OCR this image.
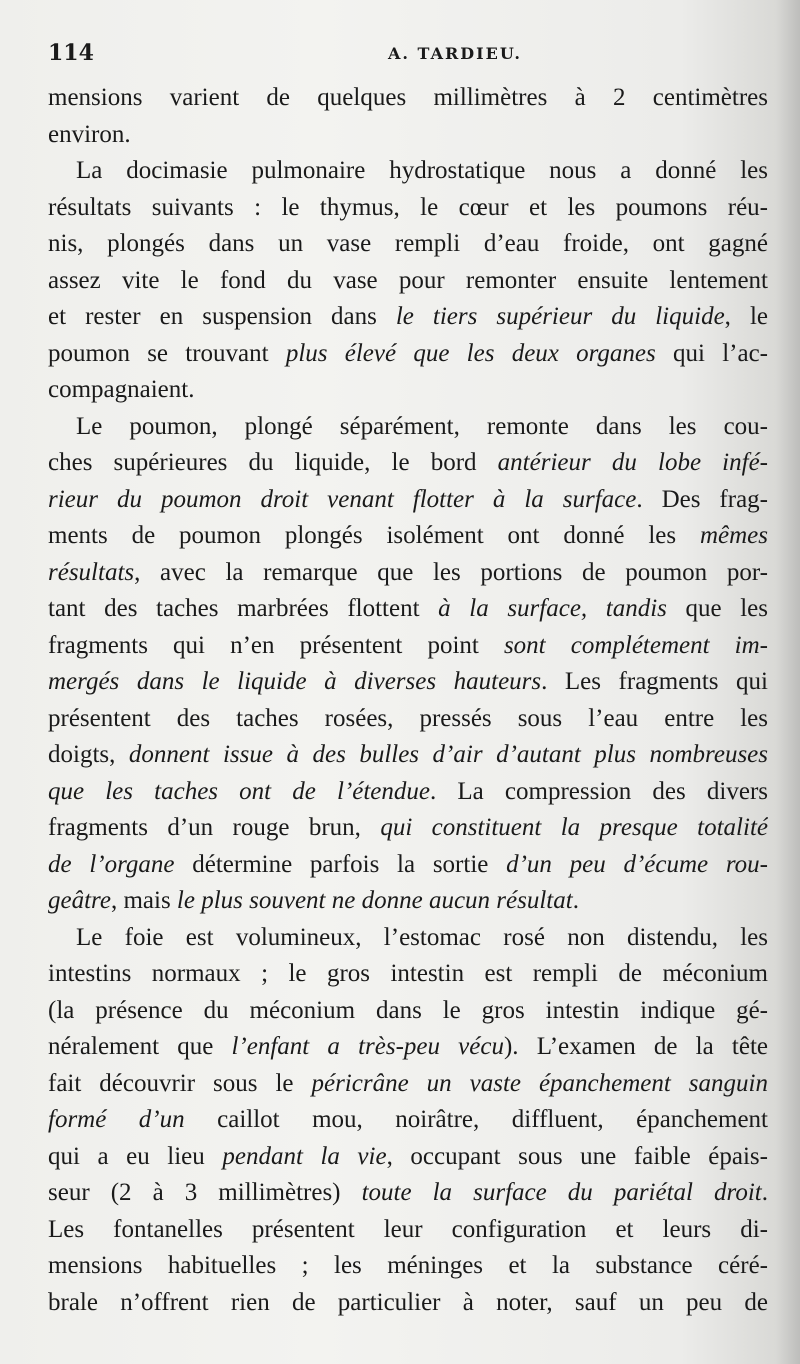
114	A. TARDIEU.
mensions varient de quelques millimètres à 2 centimètres
environ.
La docimasie pulmonaire hydrostatique nous a donné les
résultats suivants : le thymus, le cœur et les poumons réu-
nis, plongés dans un vase rempli d’eau froide, ont gagné
assez vite le fond du vase pour remonter ensuite lentement
et rester en suspension dans le tiers supérieur du liquide, le
poumon se trouvant plus élevé que les deux organes qui l’ac-
compagnaient.
Le poumon, plongé séparément, remonte dans les cou-
ches supérieures du liquide, le bord antérieur du lobe infé-
rieur du poumon droit venant flotter à la surface. Des frag-
ments de poumon plongés isolément ont donné les mêmes
résultats, avec la remarque que les portions de poumon por-
tant des taches marbrées flottent à la surface, tandis que les
fragments qui n’en présentent point sont complétement im-
mergés dans le liquide à diverses hauteurs. Les fragments qui
présentent des taches rosées, pressés sous l’eau entre les
doigts, donnent issue à des bulles d’air d’autant plus nombreuses
que les taches ont de l’étendue. La compression des divers
fragments d’un rouge brun, qui constituent la presque totalité
de l’organe détermine parfois la sortie d’un peu d’écume rou-
geâtre, mais le plus souvent ne donne aucun résultat.
Le foie est volumineux, l’estomac rosé non distendu, les
intestins normaux ; le gros intestin est rempli de méconium
(la présence du méconium dans le gros intestin indique gé-
néralement que l’enfant a très-peu vécu). L’examen de la tête
fait découvrir sous le péricrâne un vaste épanchement sanguin
formé d’un caillot mou, noirâtre, diffluent, épanchement
qui a eu lieu pendant la vie, occupant sous une faible épais-
seur (2 à 3 millimètres) toute la surface du pariétal droit.
Les fontanelles présentent leur configuration et leurs di-
mensions habituelles ; les méninges et la substance céré-
brale n’offrent rien de particulier à noter, sauf un peu de
